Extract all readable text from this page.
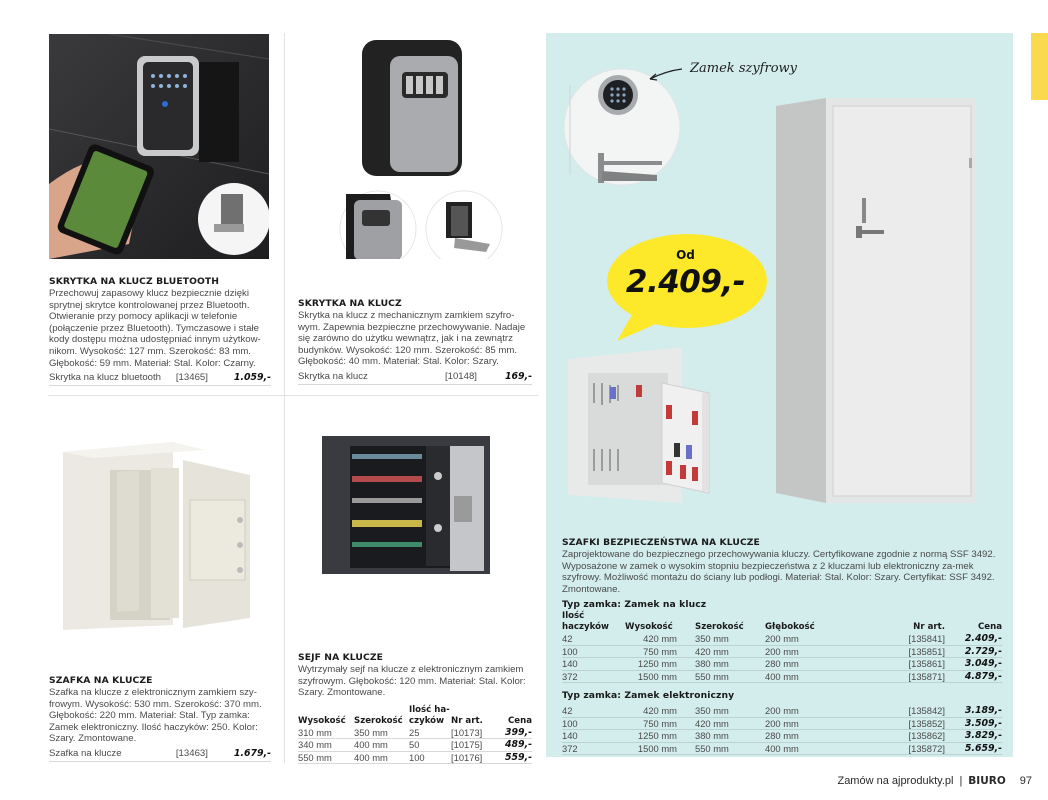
SKRYTKA NA KLUCZ BLUETOOTH
Przechowuj zapasowy klucz bezpiecznie dzięki sprytnej skrytce kontrolowanej przez Bluetooth. Otwieranie przy pomocy aplikacji w telefonie (połączenie przez Bluetooth). Tymczasowe i stałe kody dostępu można udostępniać innym użytkow-nikom. Wysokość: 127 mm. Szerokość: 83 mm. Głębokość: 59 mm. Materiał: Stal. Kolor: Czarny.
Skrytka na klucz bluetooth	[13465]	1.059,-
SKRYTKA NA KLUCZ
Skrytka na klucz z mechanicznym zamkiem szyfro-wym. Zapewnia bezpieczne przechowywanie. Nadaje się zarówno do użytku wewnątrz, jak i na zewnątrz budynków. Wysokość: 120 mm. Szerokość: 85 mm. Głębokość: 40 mm. Materiał: Stal. Kolor: Szary.
Skrytka na klucz	[10148]	169,-
SZAFKA NA KLUCZE
Szafka na klucze z elektronicznym zamkiem szy-frowym. Wysokość: 530 mm. Szerokość: 370 mm. Głębokość: 220 mm. Materiał: Stal. Typ zamka: Zamek elektroniczny. Ilość haczyków: 250. Kolor: Szary. Zmontowane.
Szafka na klucze	[13463]	1.679,-
SEJF NA KLUCZE
Wytrzymały sejf na klucze z elektronicznym zamkiem szyfrowym. Głębokość: 120 mm. Materiał: Stal. Kolor: Szary. Zmontowane.
Wysokość	Szerokość	Ilość ha-czyków	Nr art.	Cena
310 mm	350 mm	25	[10173]	399,-
340 mm	400 mm	50	[10175]	489,-
550 mm	400 mm	100	[10176]	559,-
Zamek szyfrowy
Od
2.409,-
SZAFKI BEZPIECZEŃSTWA NA KLUCZE
Zaprojektowane do bezpiecznego przechowywania kluczy. Certyfikowane zgodnie z normą SSF 3492. Wyposażone w zamek o wysokim stopniu bezpieczeństwa z 2 kluczami lub elektroniczny za-mek szyfrowy. Możliwość montażu do ściany lub podłogi. Materiał: Stal. Kolor: Szary. Certyfikat: SSF 3492. Zmontowane.
Typ zamka: Zamek na klucz
Ilość haczyków	Wysokość	Szerokość	Głębokość	Nr art.	Cena
42	420 mm	350 mm	200 mm	[135841]	2.409,-
100	750 mm	420 mm	200 mm	[135851]	2.729,-
140	1250 mm	380 mm	280 mm	[135861]	3.049,-
372	1500 mm	550 mm	400 mm	[135871]	4.879,-
Typ zamka: Zamek elektroniczny
42	420 mm	350 mm	200 mm	[135842]	3.189,-
100	750 mm	420 mm	200 mm	[135852]	3.509,-
140	1250 mm	380 mm	280 mm	[135862]	3.829,-
372	1500 mm	550 mm	400 mm	[135872]	5.659,-
Zamów na ajprodukty.pl | BIURO 97
